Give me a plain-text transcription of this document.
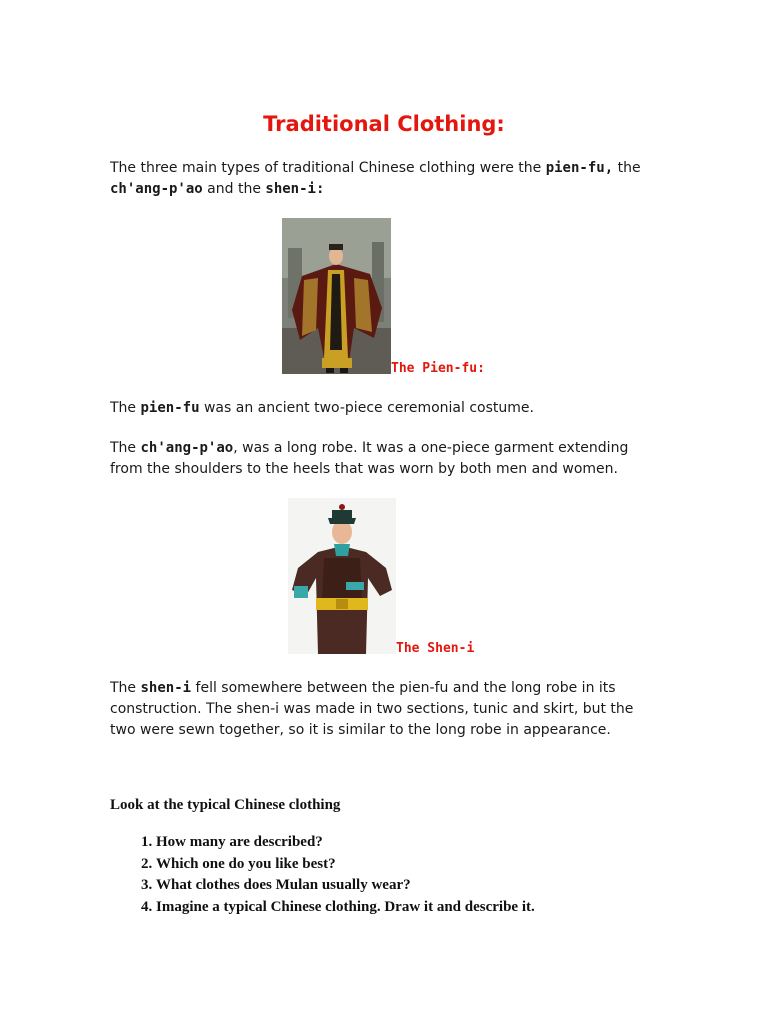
Traditional Clothing:
The three main types of traditional Chinese clothing were the pien-fu, the
ch'ang-p'ao and the shen-i:
The Pien-fu:
The pien-fu was an ancient two-piece ceremonial costume.
The ch'ang-p'ao, was a long robe. It was a one-piece garment extending from the shoulders to the heels that was worn by both men and women.
The Shen-i
The shen-i fell somewhere between the pien-fu and the long robe in its construction. The shen-i was made in two sections, tunic and skirt, but the two were sewn together, so it is similar to the long robe in appearance.
Look at the typical Chinese clothing
1. How many are described?
2. Which one do you like best?
3. What clothes does Mulan usually wear?
4. Imagine a typical Chinese clothing. Draw it and describe it.
